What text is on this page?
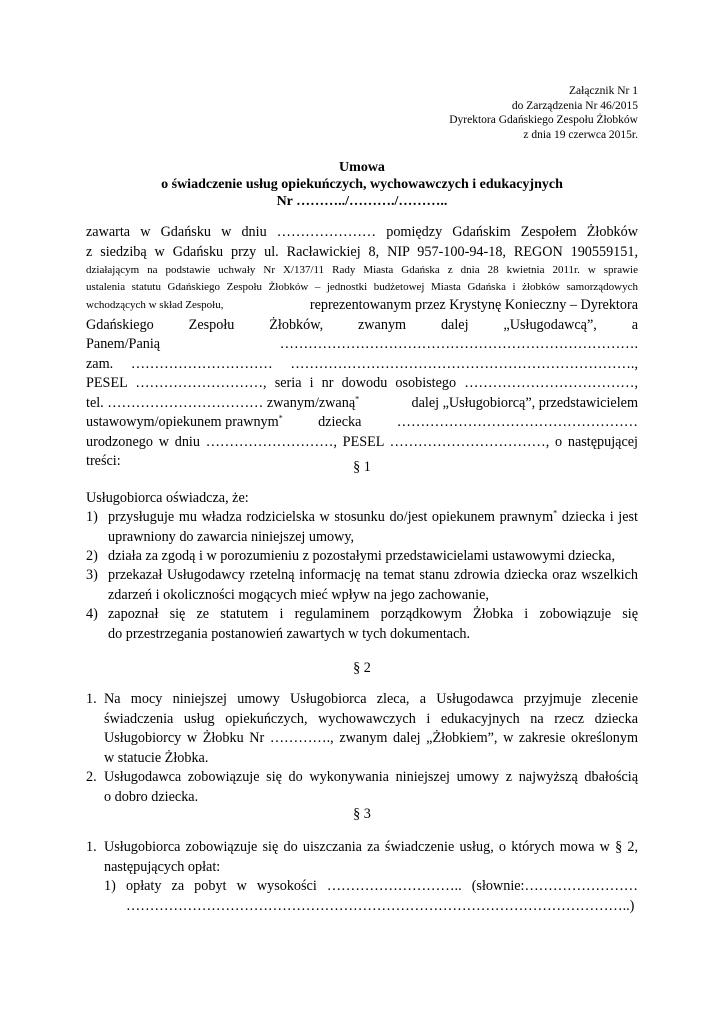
Załącznik Nr 1
do Zarządzenia Nr 46/2015
Dyrektora Gdańskiego Zespołu Żłobków
z dnia 19 czerwca 2015r.
Umowa
o świadczenie usług opiekuńczych, wychowawczych i edukacyjnych
Nr ………../………./………..
zawarta w Gdańsku w dniu ………………… pomiędzy Gdańskim Zespołem Żłobków
z siedzibą w Gdańsku przy ul. Racławickiej 8, NIP 957-100-94-18, REGON 190559151,
działającym na podstawie uchwały Nr X/137/11 Rady Miasta Gdańska z dnia 28 kwietnia 2011r. w sprawie
ustalenia statutu Gdańskiego Zespołu Żłobków – jednostki budżetowej Miasta Gdańska i żłobków samorządowych
wchodzących w skład Zespołu,	reprezentowanym przez Krystynę Konieczny – Dyrektora
Gdańskiego Zespołu Żłobków, zwanym dalej „Usługodawcą”, a
Panem/Panią	………………………………………………………………….
zam. ………………………… ……………………………………………………………….,
PESEL ………………………, seria i nr dowodu osobistego ………………………………,
tel. …………………………… zwanym/zwaną*	dalej „Usługobiorcą”, przedstawicielem
ustawowym/opiekunem prawnym* dziecka ……………………………………………
urodzonego w dniu ………………………, PESEL ……………………………, o następującej
treści:	§ 1
Usługobiorca oświadcza, że:
1) przysługuje mu władza rodzicielska w stosunku do/jest opiekunem prawnym* dziecka i jest
uprawniony do zawarcia niniejszej umowy,
2) działa za zgodą i w porozumieniu z pozostałymi przedstawicielami ustawowymi dziecka,
3) przekazał Usługodawcy rzetelną informację na temat stanu zdrowia dziecka oraz wszelkich
zdarzeń i okoliczności mogących mieć wpływ na jego zachowanie,
4) zapoznał się ze statutem i regulaminem porządkowym Żłobka i zobowiązuje się
do przestrzegania postanowień zawartych w tych dokumentach.
§ 2
1. Na mocy niniejszej umowy Usługobiorca zleca, a Usługodawca przyjmuje zlecenie
świadczenia usług opiekuńczych, wychowawczych i edukacyjnych na rzecz dziecka
Usługobiorcy w Żłobku Nr …………., zwanym dalej „Żłobkiem”, w zakresie określonym
w statucie Żłobka.
2. Usługodawca zobowiązuje się do wykonywania niniejszej umowy z najwyższą dbałością
o dobro dziecka.
§ 3
1. Usługobiorca zobowiązuje się do uiszczania za świadczenie usług, o których mowa w § 2,
następujących opłat:
1) opłaty za pobyt w wysokości ……………………….. (słownie:……………………
……………………………………………………………………………………………..)
